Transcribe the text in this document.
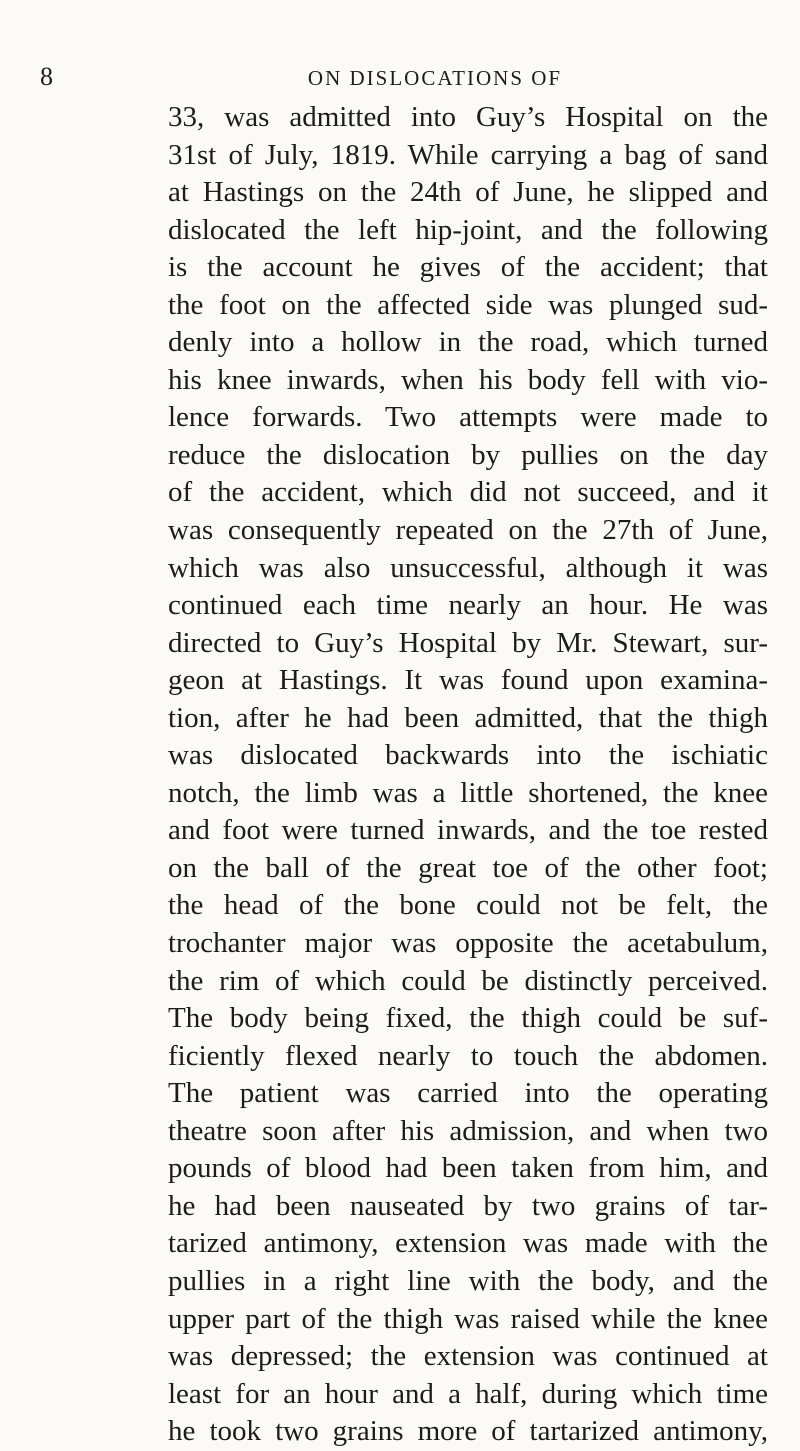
8	ON DISLOCATIONS OF
33, was admitted into Guy’s Hospital on the
31st of July, 1819. While carrying a bag of sand
at Hastings on the 24th of June, he slipped and
dislocated the left hip-joint, and the following
is the account he gives of the accident; that
the foot on the affected side was plunged sud-
denly into a hollow in the road, which turned
his knee inwards, when his body fell with vio-
lence forwards. Two attempts were made to
reduce the dislocation by pullies on the day
of the accident, which did not succeed, and it
was consequently repeated on the 27th of June,
which was also unsuccessful, although it was
continued each time nearly an hour. He was
directed to Guy’s Hospital by Mr. Stewart, sur-
geon at Hastings. It was found upon examina-
tion, after he had been admitted, that the thigh
was dislocated backwards into the ischiatic
notch, the limb was a little shortened, the knee
and foot were turned inwards, and the toe rested
on the ball of the great toe of the other foot;
the head of the bone could not be felt, the
trochanter major was opposite the acetabulum,
the rim of which could be distinctly perceived.
The body being fixed, the thigh could be suf-
ficiently flexed nearly to touch the abdomen.
The patient was carried into the operating
theatre soon after his admission, and when two
pounds of blood had been taken from him, and
he had been nauseated by two grains of tar-
tarized antimony, extension was made with the
pullies in a right line with the body, and the
upper part of the thigh was raised while the knee
was depressed; the extension was continued at
least for an hour and a half, during which time
he took two grains more of tartarized antimony,
